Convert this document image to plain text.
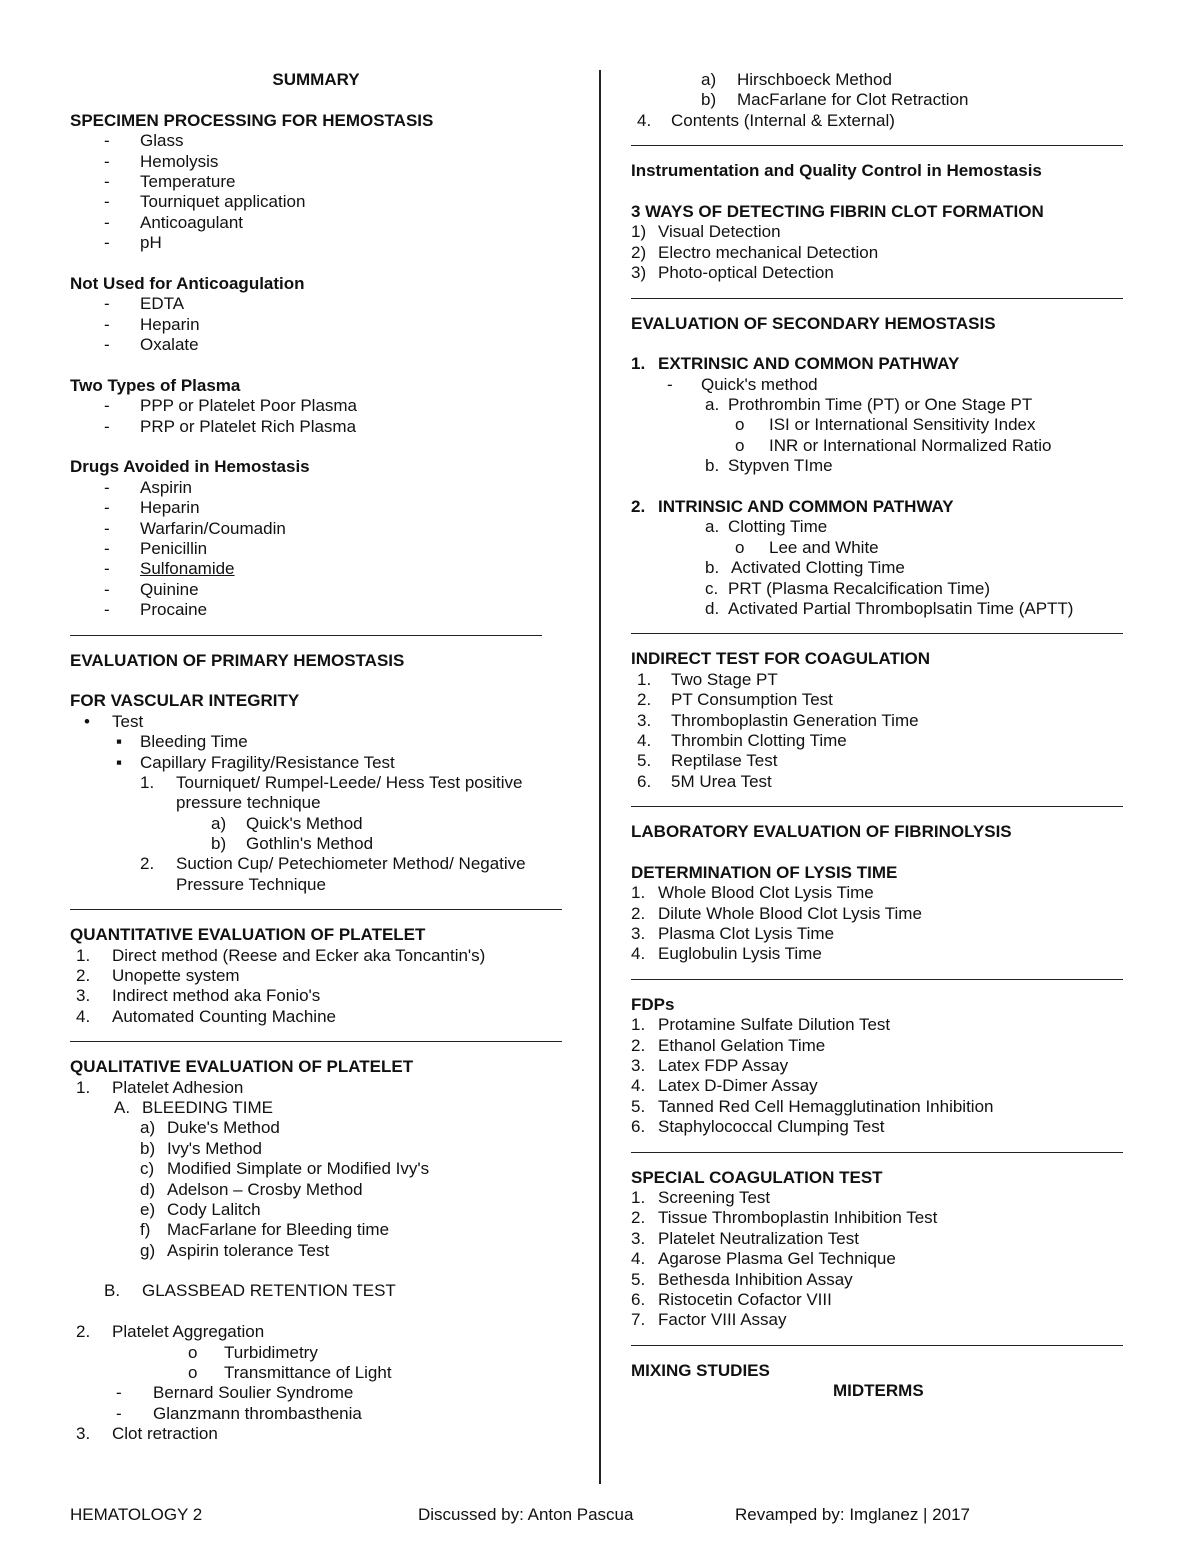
SUMMARY
SPECIMEN PROCESSING FOR HEMOSTASIS
- Glass
- Hemolysis
- Temperature
- Tourniquet application
- Anticoagulant
- pH
Not Used for Anticoagulation
- EDTA
- Heparin
- Oxalate
Two Types of Plasma
- PPP or Platelet Poor Plasma
- PRP or Platelet Rich Plasma
Drugs Avoided in Hemostasis
- Aspirin
- Heparin
- Warfarin/Coumadin
- Penicillin
- Sulfonamide
- Quinine
- Procaine
EVALUATION OF PRIMARY HEMOSTASIS
FOR VASCULAR INTEGRITY
• Test
▪ Bleeding Time
▪ Capillary Fragility/Resistance Test
1. Tourniquet/ Rumpel-Leede/ Hess Test positive
pressure technique
a) Quick's Method
b) Gothlin's Method
2. Suction Cup/ Petechiometer Method/ Negative
Pressure Technique
QUANTITATIVE EVALUATION OF PLATELET
1. Direct method (Reese and Ecker aka Toncantin's)
2. Unopette system
3. Indirect method aka Fonio's
4. Automated Counting Machine
QUALITATIVE EVALUATION OF PLATELET
1. Platelet Adhesion
A. BLEEDING TIME
a) Duke's Method
b) Ivy's Method
c) Modified Simplate or Modified Ivy's
d) Adelson – Crosby Method
e) Cody Lalitch
f) MacFarlane for Bleeding time
g) Aspirin tolerance Test
B. GLASSBEAD RETENTION TEST
2. Platelet Aggregation
o Turbidimetry
o Transmittance of Light
- Bernard Soulier Syndrome
- Glanzmann thrombasthenia
3. Clot retraction
a) Hirschboeck Method
b) MacFarlane for Clot Retraction
4. Contents (Internal & External)
Instrumentation and Quality Control in Hemostasis
3 WAYS OF DETECTING FIBRIN CLOT FORMATION
1) Visual Detection
2) Electro mechanical Detection
3) Photo-optical Detection
EVALUATION OF SECONDARY HEMOSTASIS
1. EXTRINSIC AND COMMON PATHWAY
- Quick's method
a. Prothrombin Time (PT) or One Stage PT
o ISI or International Sensitivity Index
o INR or International Normalized Ratio
b. Stypven TIme
2. INTRINSIC AND COMMON PATHWAY
a. Clotting Time
o Lee and White
b. Activated Clotting Time
c. PRT (Plasma Recalcification Time)
d. Activated Partial Thromboplsatin Time (APTT)
INDIRECT TEST FOR COAGULATION
1. Two Stage PT
2. PT Consumption Test
3. Thromboplastin Generation Time
4. Thrombin Clotting Time
5. Reptilase Test
6. 5M Urea Test
LABORATORY EVALUATION OF FIBRINOLYSIS
DETERMINATION OF LYSIS TIME
1. Whole Blood Clot Lysis Time
2. Dilute Whole Blood Clot Lysis Time
3. Plasma Clot Lysis Time
4. Euglobulin Lysis Time
FDPs
1. Protamine Sulfate Dilution Test
2. Ethanol Gelation Time
3. Latex FDP Assay
4. Latex D-Dimer Assay
5. Tanned Red Cell Hemagglutination Inhibition
6. Staphylococcal Clumping Test
SPECIAL COAGULATION TEST
1. Screening Test
2. Tissue Thromboplastin Inhibition Test
3. Platelet Neutralization Test
4. Agarose Plasma Gel Technique
5. Bethesda Inhibition Assay
6. Ristocetin Cofactor VIII
7. Factor VIII Assay
MIXING STUDIES
MIDTERMS
HEMATOLOGY 2	Discussed by: Anton Pascua	Revamped by: Imglanez | 2017
